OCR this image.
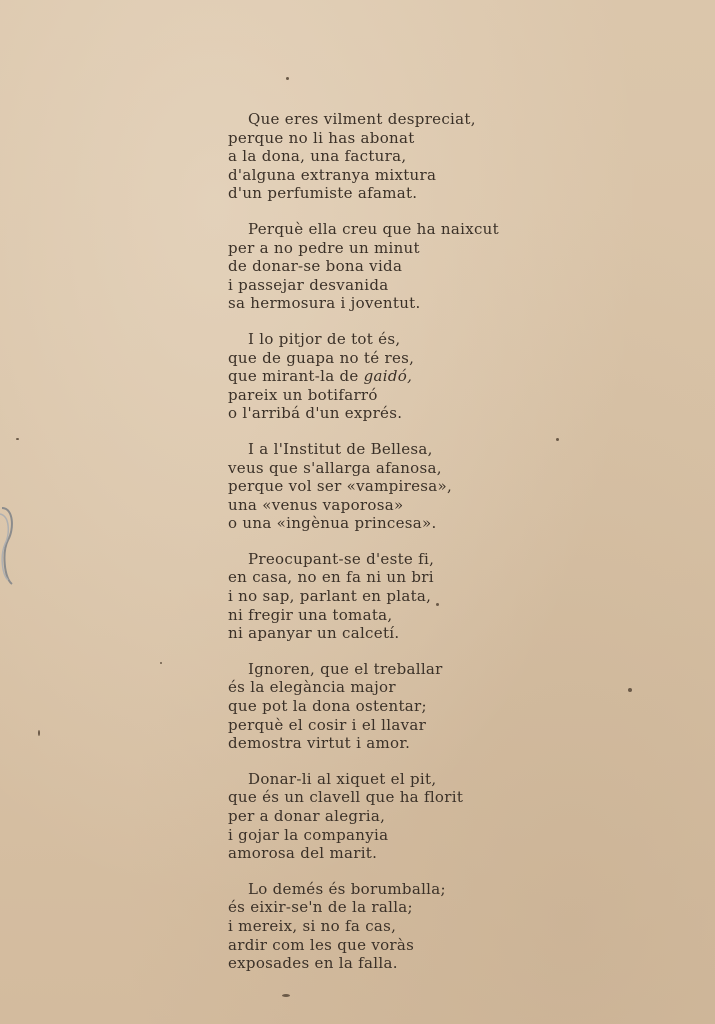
Que eres vilment despreciat,
perque no li has abonat
a la dona, una factura,
d'alguna extranya mixtura
d'un perfumiste afamat.
Perquè ella creu que ha naixcut
per a no pedre un minut
de donar-se bona vida
i passejar desvanida
sa hermosura i joventut.
I lo pitjor de tot és,
que de guapa no té res,
que mirant-la de gaidó,
pareix un botifarró
o l'arribá d'un exprés.
I a l'Institut de Bellesa,
veus que s'allarga afanosa,
perque vol ser «vampiresa»,
una «venus vaporosa»
o una «ingènua princesa».
Preocupant-se d'este fi,
en casa, no en fa ni un bri
i no sap, parlant en plata,
ni fregir una tomata,
ni apanyar un calcetí.
Ignoren, que el treballar
és la elegància major
que pot la dona ostentar;
perquè el cosir i el llavar
demostra virtut i amor.
Donar-li al xiquet el pit,
que és un clavell que ha florit
per a donar alegria,
i gojar la companyia
amorosa del marit.
Lo demés és borumballa;
és eixir-se'n de la ralla;
i mereix, si no fa cas,
ardir com les que voràs
exposades en la falla.
